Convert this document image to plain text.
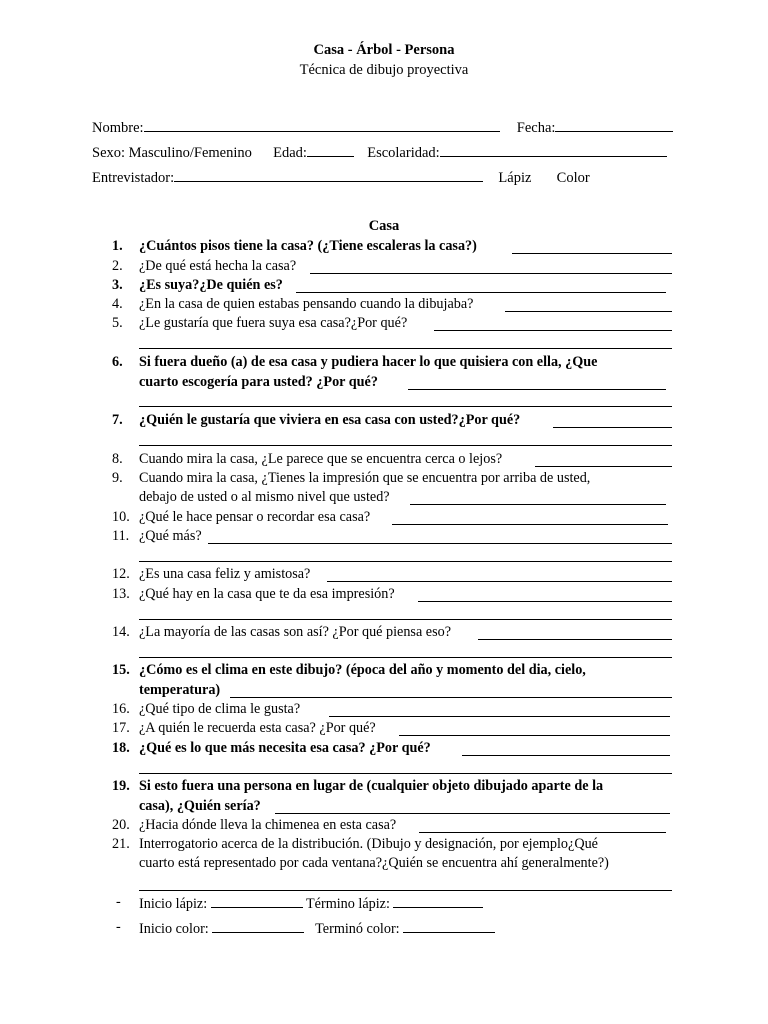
Casa - Árbol - Persona
Técnica de dibujo proyectiva
Nombre:	Fecha:
Sexo: Masculino/Femenino Edad:	Escolaridad:
Entrevistador:	Lápiz Color
Casa
1. ¿Cuántos pisos tiene la casa? (¿Tiene escaleras la casa?)
2. ¿De qué está hecha la casa?
3. ¿Es suya?¿De quién es?
4. ¿En la casa de quien estabas pensando cuando la dibujaba?
5. ¿Le gustaría que fuera suya esa casa?¿Por qué?
6. Si fuera dueño (a) de esa casa y pudiera hacer lo que quisiera con ella, ¿Que
cuarto escogería para usted? ¿Por qué?
7. ¿Quién le gustaría que viviera en esa casa con usted?¿Por qué?
8. Cuando mira la casa, ¿Le parece que se encuentra cerca o lejos?
9. Cuando mira la casa, ¿Tienes la impresión que se encuentra por arriba de usted,
debajo de usted o al mismo nivel que usted?
10. ¿Qué le hace pensar o recordar esa casa?
11. ¿Qué más?
12. ¿Es una casa feliz y amistosa?
13. ¿Qué hay en la casa que te da esa impresión?
14. ¿La mayoría de las casas son así? ¿Por qué piensa eso?
15. ¿Cómo es el clima en este dibujo? (época del año y momento del dia, cielo,
temperatura)
16. ¿Qué tipo de clima le gusta?
17. ¿A quién le recuerda esta casa? ¿Por qué?
18. ¿Qué es lo que más necesita esa casa? ¿Por qué?
19. Si esto fuera una persona en lugar de (cualquier objeto dibujado aparte de la
casa), ¿Quién sería?
20. ¿Hacia dónde lleva la chimenea en esta casa?
21. Interrogatorio acerca de la distribución. (Dibujo y designación, por ejemplo¿Qué
cuarto está representado por cada ventana?¿Quién se encuentra ahí generalmente?)
- Inicio lápiz:	Término lápiz:
- Inicio color:	Terminó color:
